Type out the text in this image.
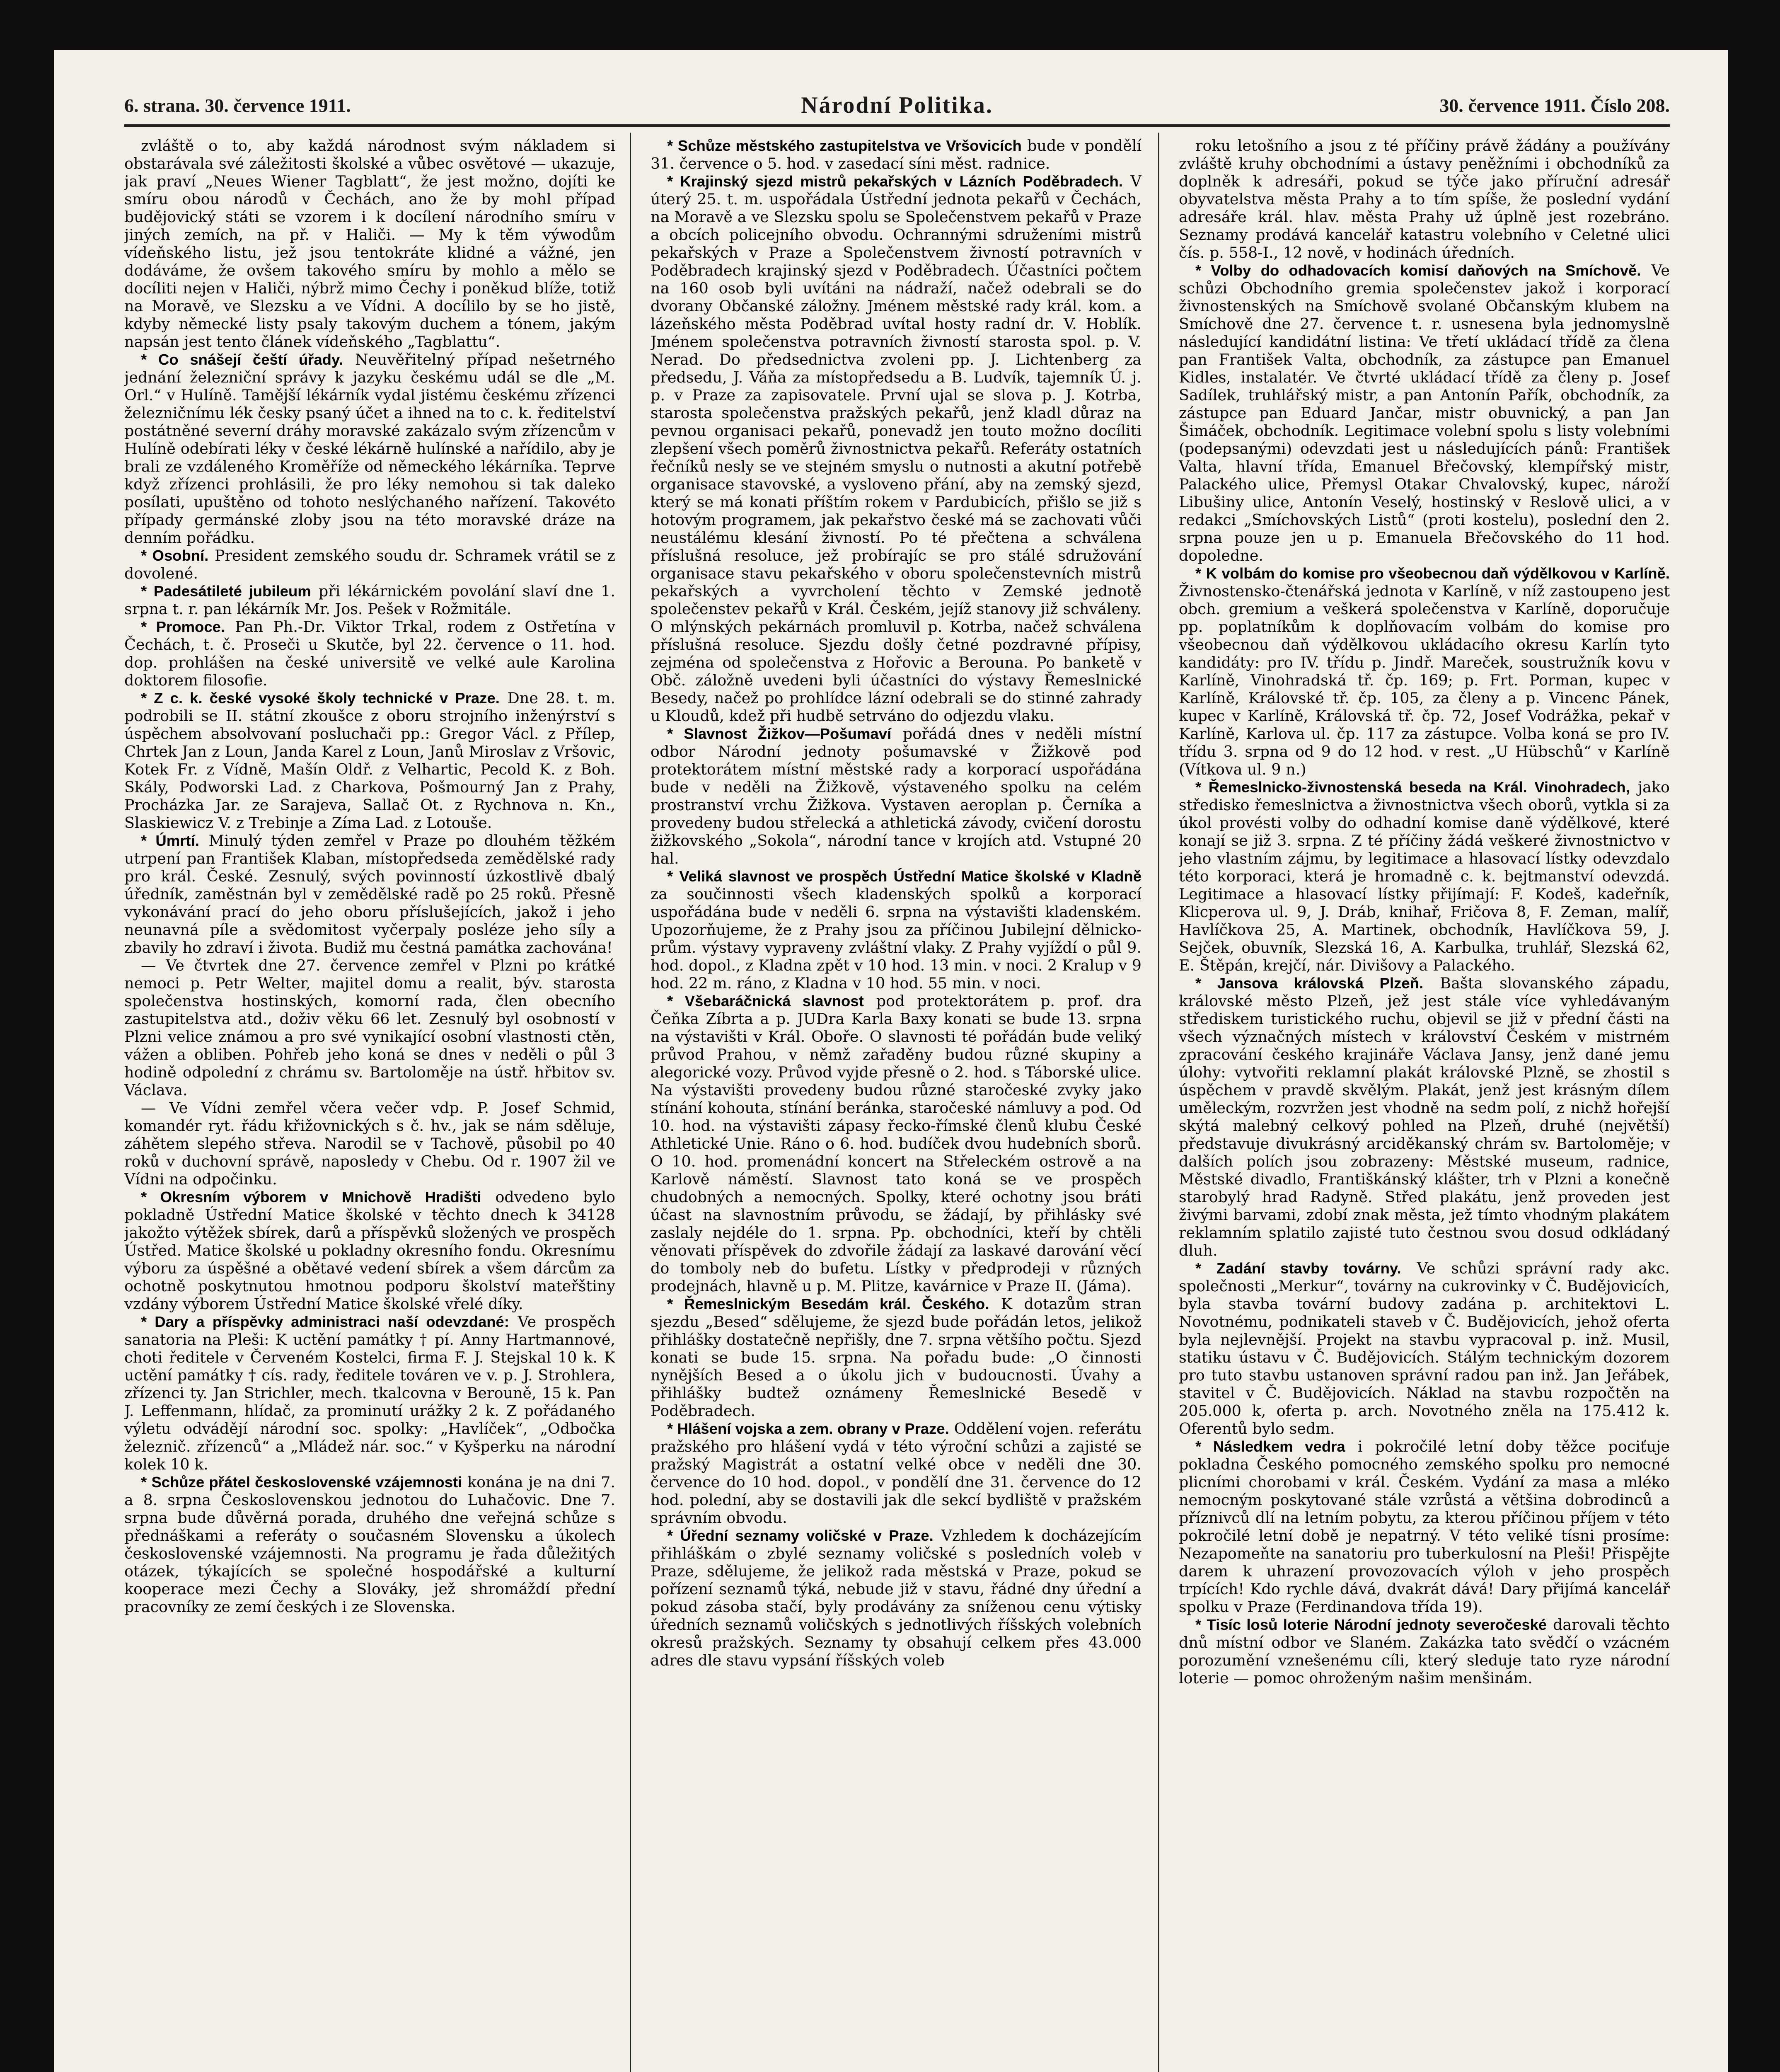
6. strana. 30. července 1911.	Národní Politika.	30. července 1911. Číslo 208.

zvláště o to, aby každá národnost svým nákladem si obstarávala své záležitosti školské a vůbec osvětové — ukazuje, jak praví „Neues Wiener Tagblatt“, že jest možno, dojíti ke smíru obou národů v Čechách, ano že by mohl případ budějovický státi se vzorem i k docílení národního smíru v jiných zemích, na př. v Haliči. — My k těm výwodům vídeňského listu, jež jsou tentokráte klidné a vážné, jen dodáváme, že ovšem takového smíru by mohlo a mělo se docíliti nejen v Haliči, nýbrž mimo Čechy i poněkud blíže, totiž na Moravě, ve Slezsku a ve Vídni. A docílilo by se ho jistě, kdyby německé listy psaly takovým duchem a tónem, jakým napsán jest tento článek vídeňského „Tagblattu“.

* Co snášejí čeští úřady. Neuvěřitelný případ nešetrného jednání železniční správy k jazyku českému udál se dle „M. Orl.“ v Hulíně. Tamější lékárník vydal jistému českému zřízenci železničnímu lék česky psaný účet a ihned na to c. k. ředitelství postátněné severní dráhy moravské zakázalo svým zřízencům v Hulíně odebírati léky v české lékárně hulínské a nařídilo, aby je brali ze vzdáleného Kroměříže od německého lékárníka. Teprve když zřízenci prohlásili, že pro léky nemohou si tak daleko posílati, upuštěno od tohoto neslýchaného nařízení. Takovéto případy germánské zloby jsou na této moravské dráze na denním pořádku.

* Osobní. President zemského soudu dr. Schramek vrátil se z dovolené.

* Padesátileté jubileum při lékárnickém povolání slaví dne 1. srpna t. r. pan lékárník Mr. Jos. Pešek v Rožmitále.

* Promoce. Pan Ph.-Dr. Viktor Trkal, rodem z Ostřetína v Čechách, t. č. Proseči u Skutče, byl 22. července o 11. hod. dop. prohlášen na české universitě ve velké aule Karolina doktorem filosofie.

* Z c. k. české vysoké školy technické v Praze. Dne 28. t. m. podrobili se II. státní zkoušce z oboru strojního inženýrství s úspěchem absolvovaní posluchači pp.: Gregor Václ. z Přílep, Chrtek Jan z Loun, Janda Karel z Loun, Janů Miroslav z Vršovic, Kotek Fr. z Vídně, Mašín Oldř. z Velhartic, Pecold K. z Boh. Skály, Podworski Lad. z Charkova, Pošmourný Jan z Prahy, Procházka Jar. ze Sarajeva, Sallač Ot. z Rychnova n. Kn., Slaskiewicz V. z Trebinje a Zíma Lad. z Lotouše.

* Úmrtí. Minulý týden zemřel v Praze po dlouhém těžkém utrpení pan František Klaban, místopředseda zemědělské rady pro král. České. Zesnulý, svých povinností úzkostlivě dbalý úředník, zaměstnán byl v zemědělské radě po 25 roků. Přesně vykonávání prací do jeho oboru příslušejících, jakož i jeho neunavná píle a svědomitost vyčerpaly posléze jeho síly a zbavily ho zdraví i života. Budiž mu čestná památka zachována!

— Ve čtvrtek dne 27. července zemřel v Plzni po krátké nemoci p. Petr Welter, majitel domu a realit, býv. starosta společenstva hostinských, komorní rada, člen obecního zastupitelstva atd., doživ věku 66 let. Zesnulý byl osobností v Plzni velice známou a pro své vynikající osobní vlastnosti ctěn, vážen a obliben. Pohřeb jeho koná se dnes v neděli o půl 3 hodině odpolední z chrámu sv. Bartoloměje na ústř. hřbitov sv. Václava.

— Ve Vídni zemřel včera večer vdp. P. Josef Schmid, komandér ryt. řádu křižovnických s č. hv., jak se nám sděluje, záhětem slepého střeva. Narodil se v Tachově, působil po 40 roků v duchovní správě, naposledy v Chebu. Od r. 1907 žil ve Vídni na odpočinku.

* Okresním výborem v Mnichově Hradišti odvedeno bylo pokladně Ústřední Matice školské v těchto dnech k 34128 jakožto výtěžek sbírek, darů a příspěvků složených ve prospěch Ústřed. Matice školské u pokladny okresního fondu. Okresnímu výboru za úspěšné a obětavé vedení sbírek a všem dárcům za ochotně poskytnutou hmotnou podporu školství mateřštiny vzdány výborem Ústřední Matice školské vřelé díky.

* Dary a příspěvky administraci naší odevzdané: Ve prospěch sanatoria na Pleši: K uctění památky † pí. Anny Hartmannové, choti ředitele v Červeném Kostelci, firma F. J. Stejskal 10 k. K uctění památky † cís. rady, ředitele továren ve v. p. J. Strohlera, zřízenci ty. Jan Strichler, mech. tkalcovna v Berouně, 15 k. Pan J. Leffenmann, hlídač, za prominutí urážky 2 k. Z pořádaného výletu odvádějí národní soc. spolky: „Havlíček“, „Odbočka železnič. zřízenců“ a „Mládež nár. soc.“ v Kyšperku na národní kolek 10 k.

* Schůze přátel československé vzájemnosti konána je na dni 7. a 8. srpna Československou jednotou do Luhačovic. Dne 7. srpna bude důvěrná porada, druhého dne veřejná schůze s přednáškami a referáty o současném Slovensku a úkolech československé vzájemnosti. Na programu je řada důležitých otázek, týkajících se společné hospodářské a kulturní kooperace mezi Čechy a Slováky, jež shromáždí přední pracovníky ze zemí českých i ze Slovenska.

* Schůze městského zastupitelstva ve Vršovicích bude v pondělí 31. července o 5. hod. v zasedací síni měst. radnice.

* Krajinský sjezd mistrů pekařských v Lázních Poděbradech. V úterý 25. t. m. uspořádala Ústřední jednota pekařů v Čechách, na Moravě a ve Slezsku spolu se Společenstvem pekařů v Praze a obcích policejního obvodu. Ochrannými sdruženími mistrů pekařských v Praze a Společenstvem živností potravních v Poděbradech krajinský sjezd v Poděbradech. Účastníci počtem na 160 osob byli uvítáni na nádraží, načež odebrali se do dvorany Občanské záložny. Jménem městské rady král. kom. a lázeňského města Poděbrad uvítal hosty radní dr. V. Hoblík. Jménem společenstva potravních živností starosta spol. p. V. Nerad. Do předsednictva zvoleni pp. J. Lichtenberg za předsedu, J. Váňa za místopředsedu a B. Ludvík, tajemník Ú. j. p. v Praze za zapisovatele. První ujal se slova p. J. Kotrba, starosta společenstva pražských pekařů, jenž kladl důraz na pevnou organisaci pekařů, ponevadž jen touto možno docíliti zlepšení všech poměrů živnostnictva pekařů. Referáty ostatních řečníků nesly se ve stejném smyslu o nutnosti a akutní potřebě organisace stavovské, a vysloveno přání, aby na zemský sjezd, který se má konati příštím rokem v Pardubicích, přišlo se již s hotovým programem, jak pekařstvo české má se zachovati vůči neustálému klesání živností. Po té přečtena a schválena příslušná resoluce, jež probírajíc se pro stálé sdružování organisace stavu pekařského v oboru společenstevních mistrů pekařských a vyvrcholení těchto v Zemské jednotě společenstev pekařů v Král. Českém, jejíž stanovy již schváleny. O mlýnských pekárnách promluvil p. Kotrba, načež schválena příslušná resoluce. Sjezdu došly četné pozdravné přípisy, zejména od společenstva z Hořovic a Berouna. Po banketě v Obč. záložně uvedeni byli účastníci do výstavy Řemeslnické Besedy, načež po prohlídce lázní odebrali se do stinné zahrady u Kloudů, kdež při hudbě setrváno do odjezdu vlaku.

* Slavnost Žižkov—Pošumaví pořádá dnes v neděli místní odbor Národní jednoty pošumavské v Žižkově pod protektorátem místní městské rady a korporací uspořádána bude v neděli na Žižkově, výstaveného spolku na celém prostranství vrchu Žižkova. Vystaven aeroplan p. Černíka a provedeny budou střelecká a athletická závody, cvičení dorostu žižkovského „Sokola“, národní tance v krojích atd. Vstupné 20 hal.

* Veliká slavnost ve prospěch Ústřední Matice školské v Kladně za součinnosti všech kladenských spolků a korporací uspořádána bude v neděli 6. srpna na výstavišti kladenském. Upozorňujeme, že z Prahy jsou za příčinou Jubilejní dělnicko-prům. výstavy vypraveny zvláštní vlaky. Z Prahy vyjíždí o půl 9. hod. dopol., z Kladna zpět v 10 hod. 13 min. v noci. 2 Kralup v 9 hod. 22 m. ráno, z Kladna v 10 hod. 55 min. v noci.

* Všebaráčnická slavnost pod protektorátem p. prof. dra Čeňka Zíbrta a p. JUDra Karla Baxy konati se bude 13. srpna na výstavišti v Král. Oboře. O slavnosti té pořádán bude veliký průvod Prahou, v němž zařaděny budou různé skupiny a alegorické vozy. Průvod vyjde přesně o 2. hod. s Táborské ulice. Na výstavišti provedeny budou různé staročeské zvyky jako stínání kohouta, stínání beránka, staročeské námluvy a pod. Od 10. hod. na výstavišti zápasy řecko-římské členů klubu České Athletické Unie. Ráno o 6. hod. budíček dvou hudebních sborů. O 10. hod. promenádní koncert na Střeleckém ostrově a na Karlově náměstí. Slavnost tato koná se ve prospěch chudobných a nemocných. Spolky, které ochotny jsou bráti účast na slavnostním průvodu, se žádají, by přihlásky své zaslaly nejdéle do 1. srpna. Pp. obchodníci, kteří by chtěli věnovati příspěvek do zdvořile žádají za laskavé darování věcí do tomboly neb do bufetu. Lístky v předprodeji v různých prodejnách, hlavně u p. M. Plitze, kavárnice v Praze II. (Jáma).

* Řemeslnickým Besedám král. Českého. K dotazům stran sjezdu „Besed“ sdělujeme, že sjezd bude pořádán letos, jelikož přihlášky dostatečně nepřišly, dne 7. srpna většího počtu. Sjezd konati se bude 15. srpna. Na pořadu bude: „O činnosti nynějších Besed a o úkolu jich v budoucnosti. Úvahy a přihlášky budtež oznámeny Řemeslnické Besedě v Poděbradech.

* Hlášení vojska a zem. obrany v Praze. Oddělení vojen. referátu pražského pro hlášení vydá v této výroční schůzi a zajisté se pražský Magistrát a ostatní velké obce v neděli dne 30. července do 10 hod. dopol., v pondělí dne 31. července do 12 hod. polední, aby se dostavili jak dle sekcí bydliště v pražském správním obvodu.

* Úřední seznamy voličské v Praze. Vzhledem k docházejícím přihláškám o zbylé seznamy voličské s posledních voleb v Praze, sdělujeme, že jelikož rada městská v Praze, pokud se pořízení seznamů týká, nebude již v stavu, řádné dny úřední a pokud zásoba stačí, byly prodávány za sníženou cenu výtisky úředních seznamů voličských s jednotlivých říšských volebních okresů pražských. Seznamy ty obsahují celkem přes 43.000 adres dle stavu vypsání říšských voleb

roku letošního a jsou z té příčiny právě žádány a používány zvláště kruhy obchodními a ústavy peněžními i obchodníků za doplněk k adresáři, pokud se týče jako příruční adresář obyvatelstva města Prahy a to tím spíše, že poslední vydání adresáře král. hlav. města Prahy už úplně jest rozebráno. Seznamy prodává kancelář katastru volebního v Celetné ulici čís. p. 558-I., 12 nově, v hodinách úředních.

* Volby do odhadovacích komisí daňových na Smíchově. Ve schůzi Obchodního gremia společenstev jakož i korporací živnostenských na Smíchově svolané Občanským klubem na Smíchově dne 27. července t. r. usnesena byla jednomyslně následující kandidátní listina: Ve třetí ukládací třídě za člena pan František Valta, obchodník, za zástupce pan Emanuel Kidles, instalatér. Ve čtvrté ukládací třídě za členy p. Josef Sadílek, truhlářský mistr, a pan Antonín Pařík, obchodník, za zástupce pan Eduard Jančar, mistr obuvnický, a pan Jan Šimáček, obchodník. Legitimace volební spolu s listy volebními (podepsanými) odevzdati jest u následujících pánů: František Valta, hlavní třída, Emanuel Břečovský, klempířský mistr, Palackého ulice, Přemysl Otakar Chvalovský, kupec, nároží Libušiny ulice, Antonín Veselý, hostinský v Reslově ulici, a v redakci „Smíchovských Listů“ (proti kostelu), poslední den 2. srpna pouze jen u p. Emanuela Břečovského do 11 hod. dopoledne.

* K volbám do komise pro všeobecnou daň výdělkovou v Karlíně. Živnostensko-čtenářská jednota v Karlíně, v níž zastoupeno jest obch. gremium a veškerá společenstva v Karlíně, doporučuje pp. poplatníkům k doplňovacím volbám do komise pro všeobecnou daň výdělkovou ukládacího okresu Karlín tyto kandidáty: pro IV. třídu p. Jindř. Mareček, soustružník kovu v Karlíně, Vinohradská tř. čp. 169; p. Frt. Porman, kupec v Karlíně, Královské tř. čp. 105, za členy a p. Vincenc Pánek, kupec v Karlíně, Královská tř. čp. 72, Josef Vodrážka, pekař v Karlíně, Karlova ul. čp. 117 za zástupce. Volba koná se pro IV. třídu 3. srpna od 9 do 12 hod. v rest. „U Hübschů“ v Karlíně (Vítkova ul. 9 n.)

* Řemeslnicko-živnostenská beseda na Král. Vinohradech, jako středisko řemeslnictva a živnostnictva všech oborů, vytkla si za úkol provésti volby do odhadní komise daně výdělkové, které konají se již 3. srpna. Z té příčiny žádá veškeré živnostnictvo v jeho vlastním zájmu, by legitimace a hlasovací lístky odevzdalo této korporaci, která je hromadně c. k. bejtmanství odevzdá. Legitimace a hlasovací lístky přijímají: F. Kodeš, kadeřník, Klicperova ul. 9, J. Dráb, knihař, Fričova 8, F. Zeman, malíř, Havlíčkova 25, A. Martinek, obchodník, Havlíčkova 59, J. Sejček, obuvník, Slezská 16, A. Karbulka, truhlář, Slezská 62, E. Štěpán, krejčí, nár. Divišovy a Palackého.

* Jansova královská Plzeň. Bašta slovanského západu, královské město Plzeň, jež jest stále více vyhledávaným střediskem turistického ruchu, objevil se již v přední části na všech význačných místech v království Českém v mistrném zpracování českého krajináře Václava Jansy, jenž dané jemu úlohy: vytvořiti reklamní plakát královské Plzně, se zhostil s úspěchem v pravdě skvělým. Plakát, jenž jest krásným dílem uměleckým, rozvržen jest vhodně na sedm polí, z nichž hořejší skýtá malebný celkový pohled na Plzeň, druhé (největší) představuje divukrásný arciděkanský chrám sv. Bartoloměje; v dalších polích jsou zobrazeny: Městské museum, radnice, Městské divadlo, Františkánský klášter, trh v Plzni a konečně starobylý hrad Radyně. Střed plakátu, jenž proveden jest živými barvami, zdobí znak města, jež tímto vhodným plakátem reklamním splatilo zajisté tuto čestnou svou dosud odkládaný dluh.

* Zadání stavby továrny. Ve schůzi správní rady akc. společnosti „Merkur“, továrny na cukrovinky v Č. Budějovicích, byla stavba tovární budovy zadána p. architektovi L. Novotnému, podnikateli staveb v Č. Budějovicích, jehož oferta byla nejlevnější. Projekt na stavbu vypracoval p. inž. Musil, statiku ústavu v Č. Budějovicích. Stálým technickým dozorem pro tuto stavbu ustanoven správní radou pan inž. Jan Jeřábek, stavitel v Č. Budějovicích. Náklad na stavbu rozpočtěn na 205.000 k, oferta p. arch. Novotného zněla na 175.412 k. Oferentů bylo sedm.

* Následkem vedra i pokročilé letní doby těžce pociťuje pokladna Českého pomocného zemského spolku pro nemocné plicními chorobami v král. Českém. Vydání za masa a mléko nemocným poskytované stále vzrůstá a většina dobrodinců a příznivců dlí na letním pobytu, za kterou příčinou příjem v této pokročilé letní době je nepatrný. V této veliké tísni prosíme: Nezapomeňte na sanatoriu pro tuberkulosní na Pleši! Přispějte darem k uhrazení provozovacích výloh v jeho prospěch trpících! Kdo rychle dává, dvakrát dává! Dary přijímá kancelář spolku v Praze (Ferdinandova třída 19).

* Tisíc losů loterie Národní jednoty severočeské darovali těchto dnů místní odbor ve Slaném. Zakázka tato svědčí o vzácném porozumění vznešenému cíli, který sleduje tato ryze národní loterie — pomoc ohroženým našim menšinám.
